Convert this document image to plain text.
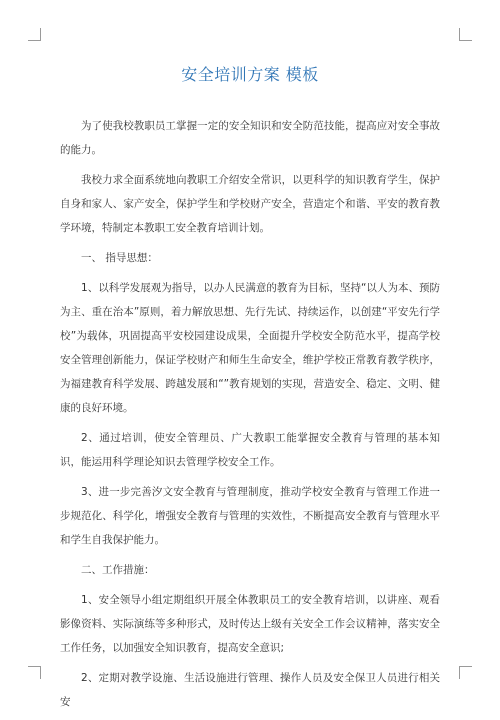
安全培训方案 模板

为了使我校教职员工掌握一定的安全知识和安全防范技能，提高应对安全事故的能力。

我校力求全面系统地向教职工介绍安全常识，以更科学的知识教育学生，保护自身和家人、家产安全，保护学生和学校财产安全，营造定个和谐、平安的教育教学环境，特制定本教职工安全教育培训计划。

一、 指导思想：

1、以科学发展观为指导，以办人民满意的教育为目标，坚持“以人为本、预防为主、重在治本”原则，着力解放思想、先行先试、持续运作，以创建“平安先行学校”为载体，巩固提高平安校园建设成果，全面提升学校安全防范水平，提高学校安全管理创新能力，保证学校财产和师生生命安全，维护学校正常教育教学秩序，为福建教育科学发展、跨越发展和“”教育规划的实现，营造安全、稳定、文明、健康的良好环境。

2、通过培训，使安全管理员、广大教职工能掌握安全教育与管理的基本知识，能运用科学理论知识去管理学校安全工作。

3、进一步完善汐文安全教育与管理制度，推动学校安全教育与管理工作进一步规范化、科学化，增强安全教育与管理的实效性，不断提高安全教育与管理水平和学生自我保护能力。

二、工作措施：

1、安全领导小组定期组织开展全体教职员工的安全教育培训，以讲座、观看影像资料、实际演练等多种形式，及时传达上级有关安全工作会议精神，落实安全工作任务，以加强安全知识教育，提高安全意识;

2、定期对教学设施、生活设施进行管理、操作人员及安全保卫人员进行相关安
